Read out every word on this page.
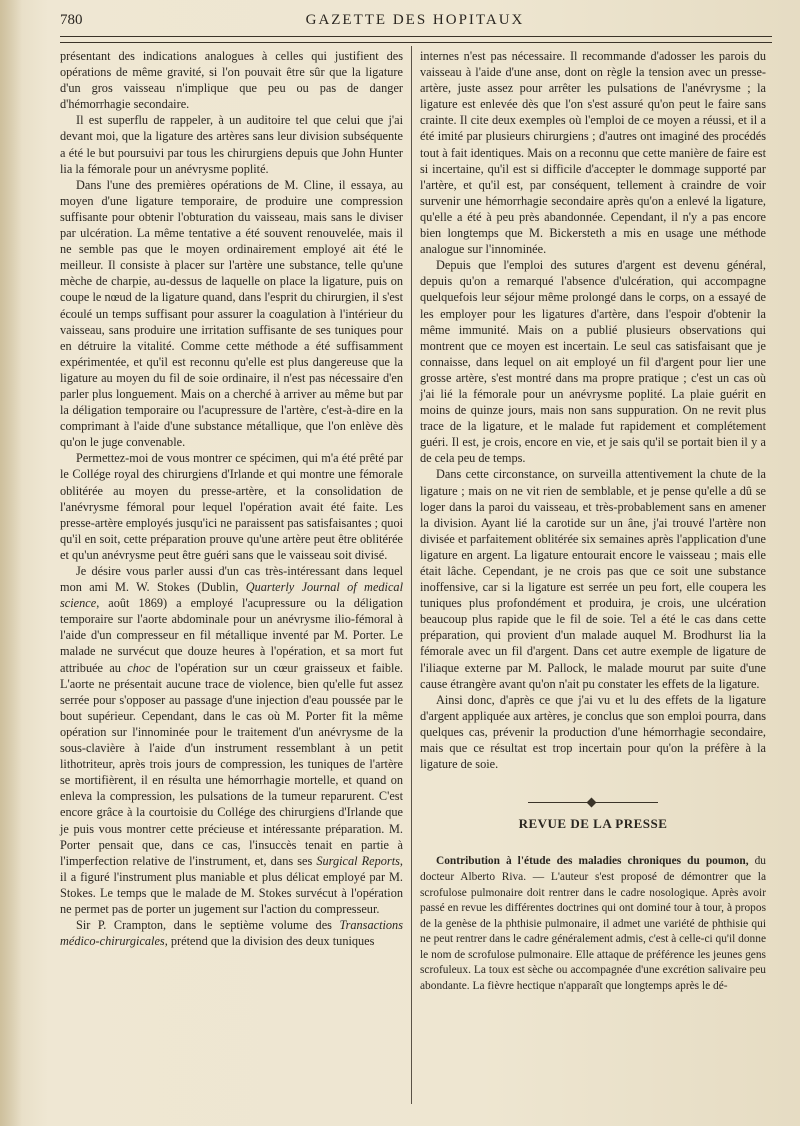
780	GAZETTE DES HOPITAUX

présentant des indications analogues à celles qui justifient des opérations de même gravité, si l'on pouvait être sûr que la ligature d'un gros vaisseau n'implique que peu ou pas de danger d'hémorrhagie secondaire.

Il est superflu de rappeler, à un auditoire tel que celui que j'ai devant moi, que la ligature des artères sans leur division subséquente a été le but poursuivi par tous les chirurgiens depuis que John Hunter lia la fémorale pour un anévrysme poplité.

Dans l'une des premières opérations de M. Cline, il essaya, au moyen d'une ligature temporaire, de produire une compression suffisante pour obtenir l'obturation du vaisseau, mais sans le diviser par ulcération. La même tentative a été souvent renouvelée, mais il ne semble pas que le moyen ordinairement employé ait été le meilleur. Il consiste à placer sur l'artère une substance, telle qu'une mèche de charpie, au-dessus de laquelle on place la ligature, puis on coupe le nœud de la ligature quand, dans l'esprit du chirurgien, il s'est écoulé un temps suffisant pour assurer la coagulation à l'intérieur du vaisseau, sans produire une irritation suffisante de ses tuniques pour en détruire la vitalité. Comme cette méthode a été suffisamment expérimentée, et qu'il est reconnu qu'elle est plus dangereuse que la ligature au moyen du fil de soie ordinaire, il n'est pas nécessaire d'en parler plus longuement. Mais on a cherché à arriver au même but par la déligation temporaire ou l'acupressure de l'artère, c'est-à-dire en la comprimant à l'aide d'une substance métallique, que l'on enlève dès qu'on le juge convenable.

Permettez-moi de vous montrer ce spécimen, qui m'a été prêté par le Collége royal des chirurgiens d'Irlande et qui montre une fémorale oblitérée au moyen du presse-artère, et la consolidation de l'anévrysme fémoral pour lequel l'opération avait été faite. Les presse-artère employés jusqu'ici ne paraissent pas satisfaisantes ; quoi qu'il en soit, cette préparation prouve qu'une artère peut être oblitérée et qu'un anévrysme peut être guéri sans que le vaisseau soit divisé.

Je désire vous parler aussi d'un cas très-intéressant dans lequel mon ami M. W. Stokes (Dublin, Quarterly Journal of medical science, août 1869) a employé l'acupressure ou la déligation temporaire sur l'aorte abdominale pour un anévrysme ilio-fémoral à l'aide d'un compresseur en fil métallique inventé par M. Porter. Le malade ne survécut que douze heures à l'opération, et sa mort fut attribuée au choc de l'opération sur un cœur graisseux et faible. L'aorte ne présentait aucune trace de violence, bien qu'elle fut assez serrée pour s'opposer au passage d'une injection d'eau poussée par le bout supérieur. Cependant, dans le cas où M. Porter fit la même opération sur l'innominée pour le traitement d'un anévrysme de la sous-clavière à l'aide d'un instrument ressemblant à un petit lithotriteur, après trois jours de compression, les tuniques de l'artère se mortifièrent, il en résulta une hémorrhagie mortelle, et quand on enleva la compression, les pulsations de la tumeur reparurent. C'est encore grâce à la courtoisie du Collége des chirurgiens d'Irlande que je puis vous montrer cette précieuse et intéressante préparation. M. Porter pensait que, dans ce cas, l'insuccès tenait en partie à l'imperfection relative de l'instrument, et, dans ses Surgical Reports, il a figuré l'instrument plus maniable et plus délicat employé par M. Stokes. Le temps que le malade de M. Stokes survécut à l'opération ne permet pas de porter un jugement sur l'action du compresseur.

Sir P. Crampton, dans le septième volume des Transactions médico-chirurgicales, prétend que la division des deux tuniques

internes n'est pas nécessaire. Il recommande d'adosser les parois du vaisseau à l'aide d'une anse, dont on règle la tension avec un presse-artère, juste assez pour arrêter les pulsations de l'anévrysme ; la ligature est enlevée dès que l'on s'est assuré qu'on peut le faire sans crainte. Il cite deux exemples où l'emploi de ce moyen a réussi, et il a été imité par plusieurs chirurgiens ; d'autres ont imaginé des procédés tout à fait identiques. Mais on a reconnu que cette manière de faire est si incertaine, qu'il est si difficile d'accepter le dommage supporté par l'artère, et qu'il est, par conséquent, tellement à craindre de voir survenir une hémorrhagie secondaire après qu'on a enlevé la ligature, qu'elle a été à peu près abandonnée. Cependant, il n'y a pas encore bien longtemps que M. Bickersteth a mis en usage une méthode analogue sur l'innominée.

Depuis que l'emploi des sutures d'argent est devenu général, depuis qu'on a remarqué l'absence d'ulcération, qui accompagne quelquefois leur séjour même prolongé dans le corps, on a essayé de les employer pour les ligatures d'artère, dans l'espoir d'obtenir la même immunité. Mais on a publié plusieurs observations qui montrent que ce moyen est incertain. Le seul cas satisfaisant que je connaisse, dans lequel on ait employé un fil d'argent pour lier une grosse artère, s'est montré dans ma propre pratique ; c'est un cas où j'ai lié la fémorale pour un anévrysme poplité. La plaie guérit en moins de quinze jours, mais non sans suppuration. On ne revit plus trace de la ligature, et le malade fut rapidement et complétement guéri. Il est, je crois, encore en vie, et je sais qu'il se portait bien il y a de cela peu de temps.

Dans cette circonstance, on surveilla attentivement la chute de la ligature ; mais on ne vit rien de semblable, et je pense qu'elle a dû se loger dans la paroi du vaisseau, et très-probablement sans en amener la division. Ayant lié la carotide sur un âne, j'ai trouvé l'artère non divisée et parfaitement oblitérée six semaines après l'application d'une ligature en argent. La ligature entourait encore le vaisseau ; mais elle était lâche. Cependant, je ne crois pas que ce soit une substance inoffensive, car si la ligature est serrée un peu fort, elle coupera les tuniques plus profondément et produira, je crois, une ulcération beaucoup plus rapide que le fil de soie. Tel a été le cas dans cette préparation, qui provient d'un malade auquel M. Brodhurst lia la fémorale avec un fil d'argent. Dans cet autre exemple de ligature de l'iliaque externe par M. Pallock, le malade mourut par suite d'une cause étrangère avant qu'on n'ait pu constater les effets de la ligature.

Ainsi donc, d'après ce que j'ai vu et lu des effets de la ligature d'argent appliquée aux artères, je conclus que son emploi pourra, dans quelques cas, prévenir la production d'une hémorrhagie secondaire, mais que ce résultat est trop incertain pour qu'on la préfère à la ligature de soie.

REVUE DE LA PRESSE

Contribution à l'étude des maladies chroniques du poumon, du docteur Alberto Riva. — L'auteur s'est proposé de démontrer que la scrofulose pulmonaire doit rentrer dans le cadre nosologique. Après avoir passé en revue les différentes doctrines qui ont dominé tour à tour, à propos de la genèse de la phthisie pulmonaire, il admet une variété de phthisie qui ne peut rentrer dans le cadre généralement admis, c'est à celle-ci qu'il donne le nom de scrofulose pulmonaire. Elle attaque de préférence les jeunes gens scrofuleux. La toux est sèche ou accompagnée d'une excrétion salivaire peu abondante. La fièvre hectique n'apparaît que longtemps après le dé-
